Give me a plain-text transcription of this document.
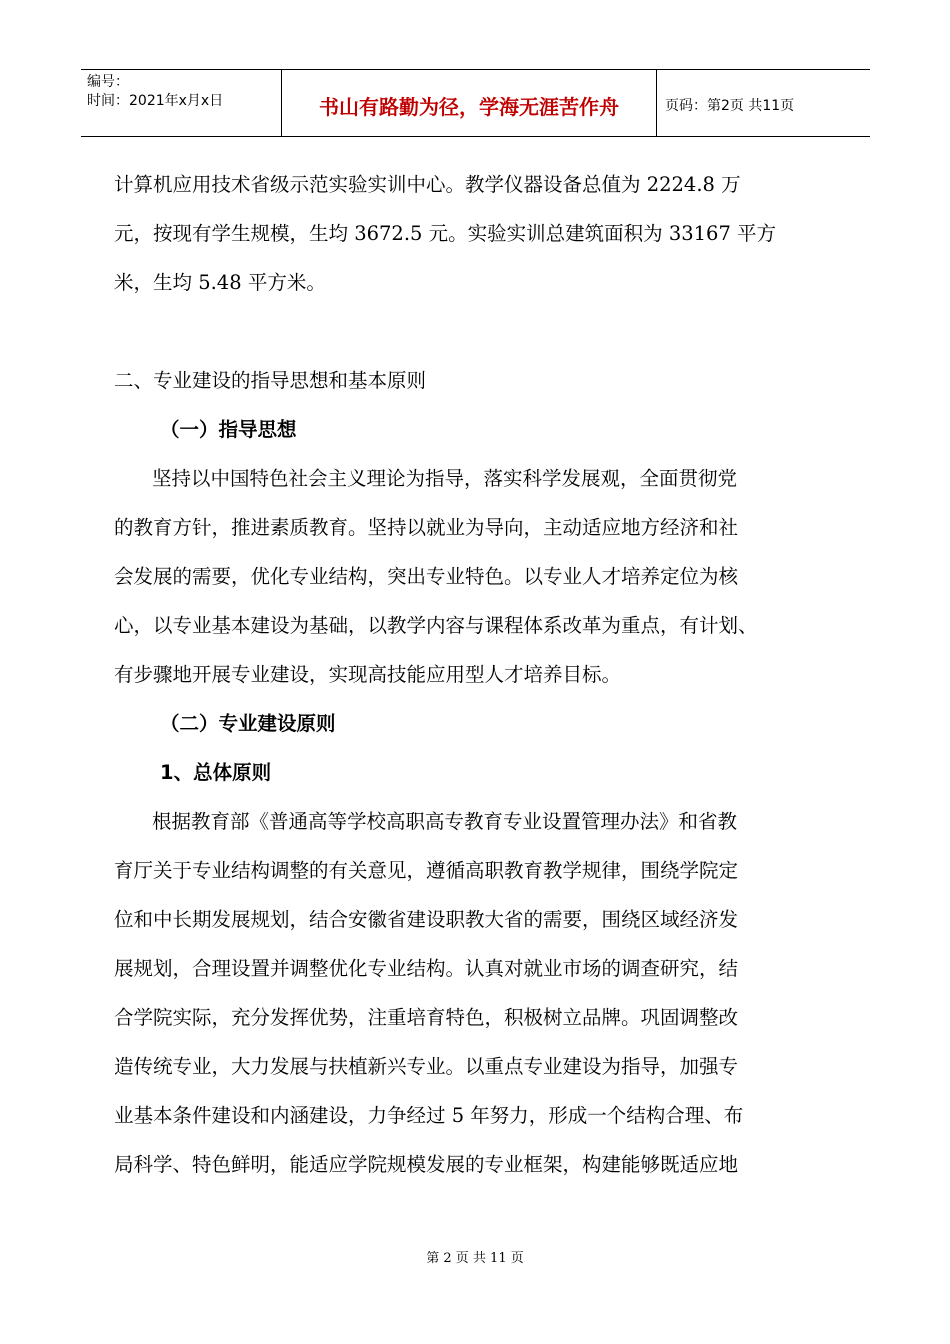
编号：
时间：2021年x月x日	书山有路勤为径，学海无涯苦作舟	页码：第2页 共11页

计算机应用技术省级示范实验实训中心。教学仪器设备总值为 2224.8 万

元，按现有学生规模，生均 3672.5 元。实验实训总建筑面积为 33167 平方

米，生均 5.48 平方米。

二、专业建设的指导思想和基本原则

（一）指导思想

坚持以中国特色社会主义理论为指导，落实科学发展观，全面贯彻党

的教育方针，推进素质教育。坚持以就业为导向，主动适应地方经济和社

会发展的需要，优化专业结构，突出专业特色。以专业人才培养定位为核

心，以专业基本建设为基础，以教学内容与课程体系改革为重点，有计划、

有步骤地开展专业建设，实现高技能应用型人才培养目标。

（二）专业建设原则

1、总体原则

根据教育部《普通高等学校高职高专教育专业设置管理办法》和省教

育厅关于专业结构调整的有关意见，遵循高职教育教学规律，围绕学院定

位和中长期发展规划，结合安徽省建设职教大省的需要，围绕区域经济发

展规划，合理设置并调整优化专业结构。认真对就业市场的调查研究，结

合学院实际，充分发挥优势，注重培育特色，积极树立品牌。巩固调整改

造传统专业，大力发展与扶植新兴专业。以重点专业建设为指导，加强专

业基本条件建设和内涵建设，力争经过 5 年努力，形成一个结构合理、布

局科学、特色鲜明，能适应学院规模发展的专业框架，构建能够既适应地

第 2 页 共 11 页
